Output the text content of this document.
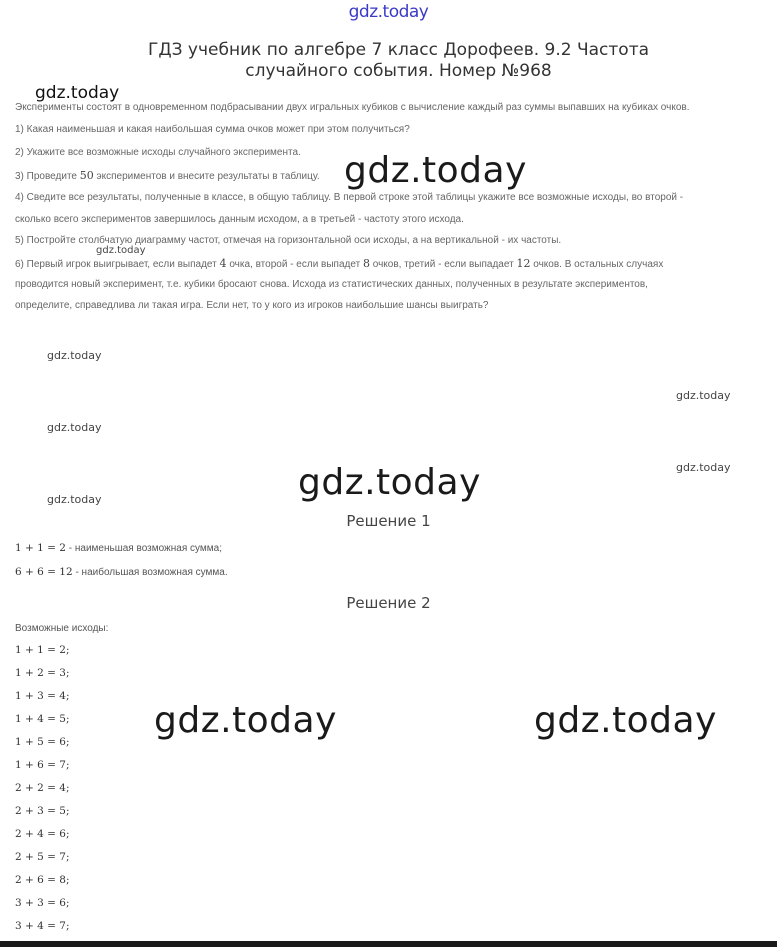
gdz.today
ГДЗ учебник по алгебре 7 класс Дорофеев. 9.2 Частота
случайного события. Номер №968
gdz.today
Эксперименты состоят в одновременном подбрасывании двух игральных кубиков с вычисление каждый раз суммы выпавших на кубиках очков.
1) Какая наименьшая и какая наибольшая сумма очков может при этом получиться?
2) Укажите все возможные исходы случайного эксперимента.
3) Проведите 50 экспериментов и внесите результаты в таблицу.
4) Сведите все результаты, полученные в классе, в общую таблицу. В первой строке этой таблицы укажите все возможные исходы, во второй -
сколько всего экспериментов завершилось данным исходом, а в третьей - частоту этого исхода.
5) Постройте столбчатую диаграмму частот, отмечая на горизонтальной оси исходы, а на вертикальной - их частоты.
6) Первый игрок выигрывает, если выпадет 4 очка, второй - если выпадет 8 очков, третий - если выпадает 12 очков. В остальных случаях
проводится новый эксперимент, т.е. кубики бросают снова. Исхода из статистических данных, полученных в результате экспериментов,
определите, справедлива ли такая игра. Если нет, то у кого из игроков наибольшие шансы выиграть?
gdz.today
gdz.today
gdz.today
gdz.today
gdz.today
gdz.today
gdz.today	gdz.today
Решение 1
1 + 1 = 2 - наименьшая возможная сумма;
6 + 6 = 12 - наибольшая возможная сумма.
Решение 2
Возможные исходы:
1 + 1 = 2;
1 + 2 = 3;
1 + 3 = 4;
1 + 4 = 5;
1 + 5 = 6;
1 + 6 = 7;
2 + 2 = 4;
2 + 3 = 5;
2 + 4 = 6;
2 + 5 = 7;
2 + 6 = 8;
3 + 3 = 6;
3 + 4 = 7;
gdz.today	gdz.today
